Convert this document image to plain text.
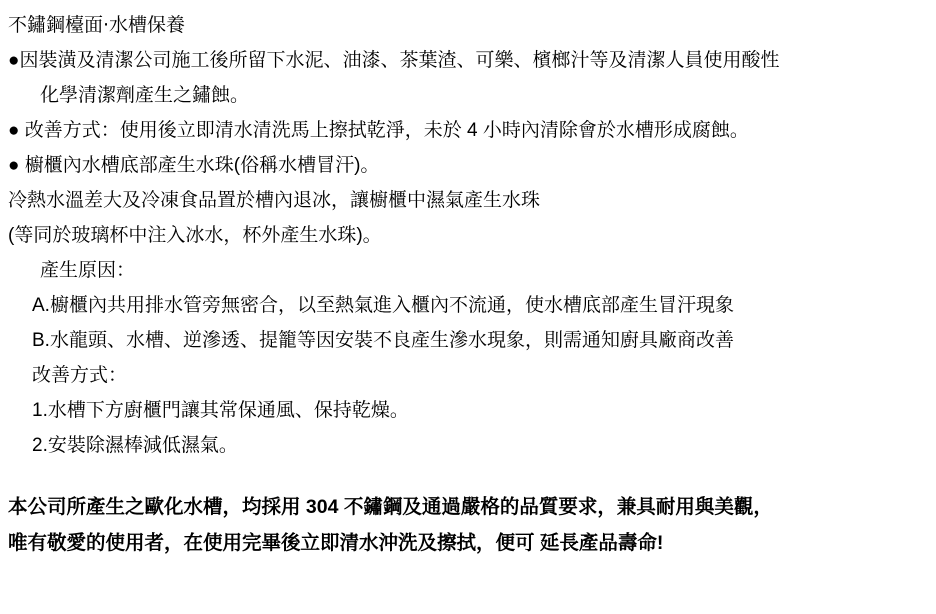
不鏽鋼檯面‧水槽保養
●因裝潢及清潔公司施工後所留下水泥、油漆、茶葉渣、可樂、檳榔汁等及清潔人員使用酸性
化學清潔劑產生之鏽蝕。
● 改善方式：使用後立即清水清洗馬上擦拭乾淨，未於 4 小時內清除會於水槽形成腐蝕。
● 櫥櫃內水槽底部產生水珠(俗稱水槽冒汗)。
冷熱水溫差大及冷凍食品置於槽內退冰，讓櫥櫃中濕氣產生水珠
(等同於玻璃杯中注入冰水，杯外產生水珠)。
產生原因：
A.櫥櫃內共用排水管旁無密合，以至熱氣進入櫃內不流通，使水槽底部產生冒汗現象
B.水龍頭、水槽、逆滲透、提籠等因安裝不良產生滲水現象，則需通知廚具廠商改善
改善方式：
1.水槽下方廚櫃門讓其常保通風、保持乾燥。
2.安裝除濕棒減低濕氣。
本公司所產生之歐化水槽，均採用 304 不鏽鋼及通過嚴格的品質要求，兼具耐用與美觀，
唯有敬愛的使用者，在使用完畢後立即清水沖洗及擦拭，便可 延長產品壽命!
